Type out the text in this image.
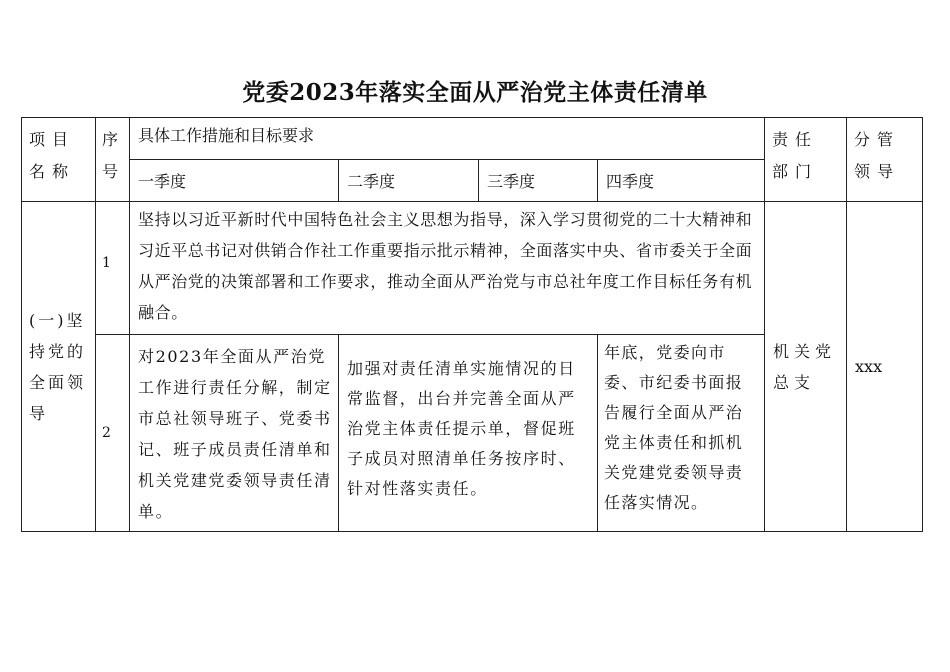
党委2023年落实全面从严治党主体责任清单
项目名称	序号	具体工作措施和目标要求				责任部门	分管领导
		一季度	二季度	三季度	四季度		
(一)坚持党的全面领导	1	坚持以习近平新时代中国特色社会主义思想为指导，深入学习贯彻党的二十大精神和习近平总书记对供销合作社工作重要指示批示精神，全面落实中央、省市委关于全面从严治党的决策部署和工作要求，推动全面从严治党与市总社年度工作目标任务有机融合。				机关党总支	xxx
	2	对2023年全面从严治党工作进行责任分解，制定市总社领导班子、党委书记、班子成员责任清单和机关党建党委领导责任清单。	加强对责任清单实施情况的日常监督，出台并完善全面从严治党主体责任提示单，督促班子成员对照清单任务按序时、针对性落实责任。		年底，党委向市委、市纪委书面报告履行全面从严治党主体责任和抓机关党建党委领导责任落实情况。		
